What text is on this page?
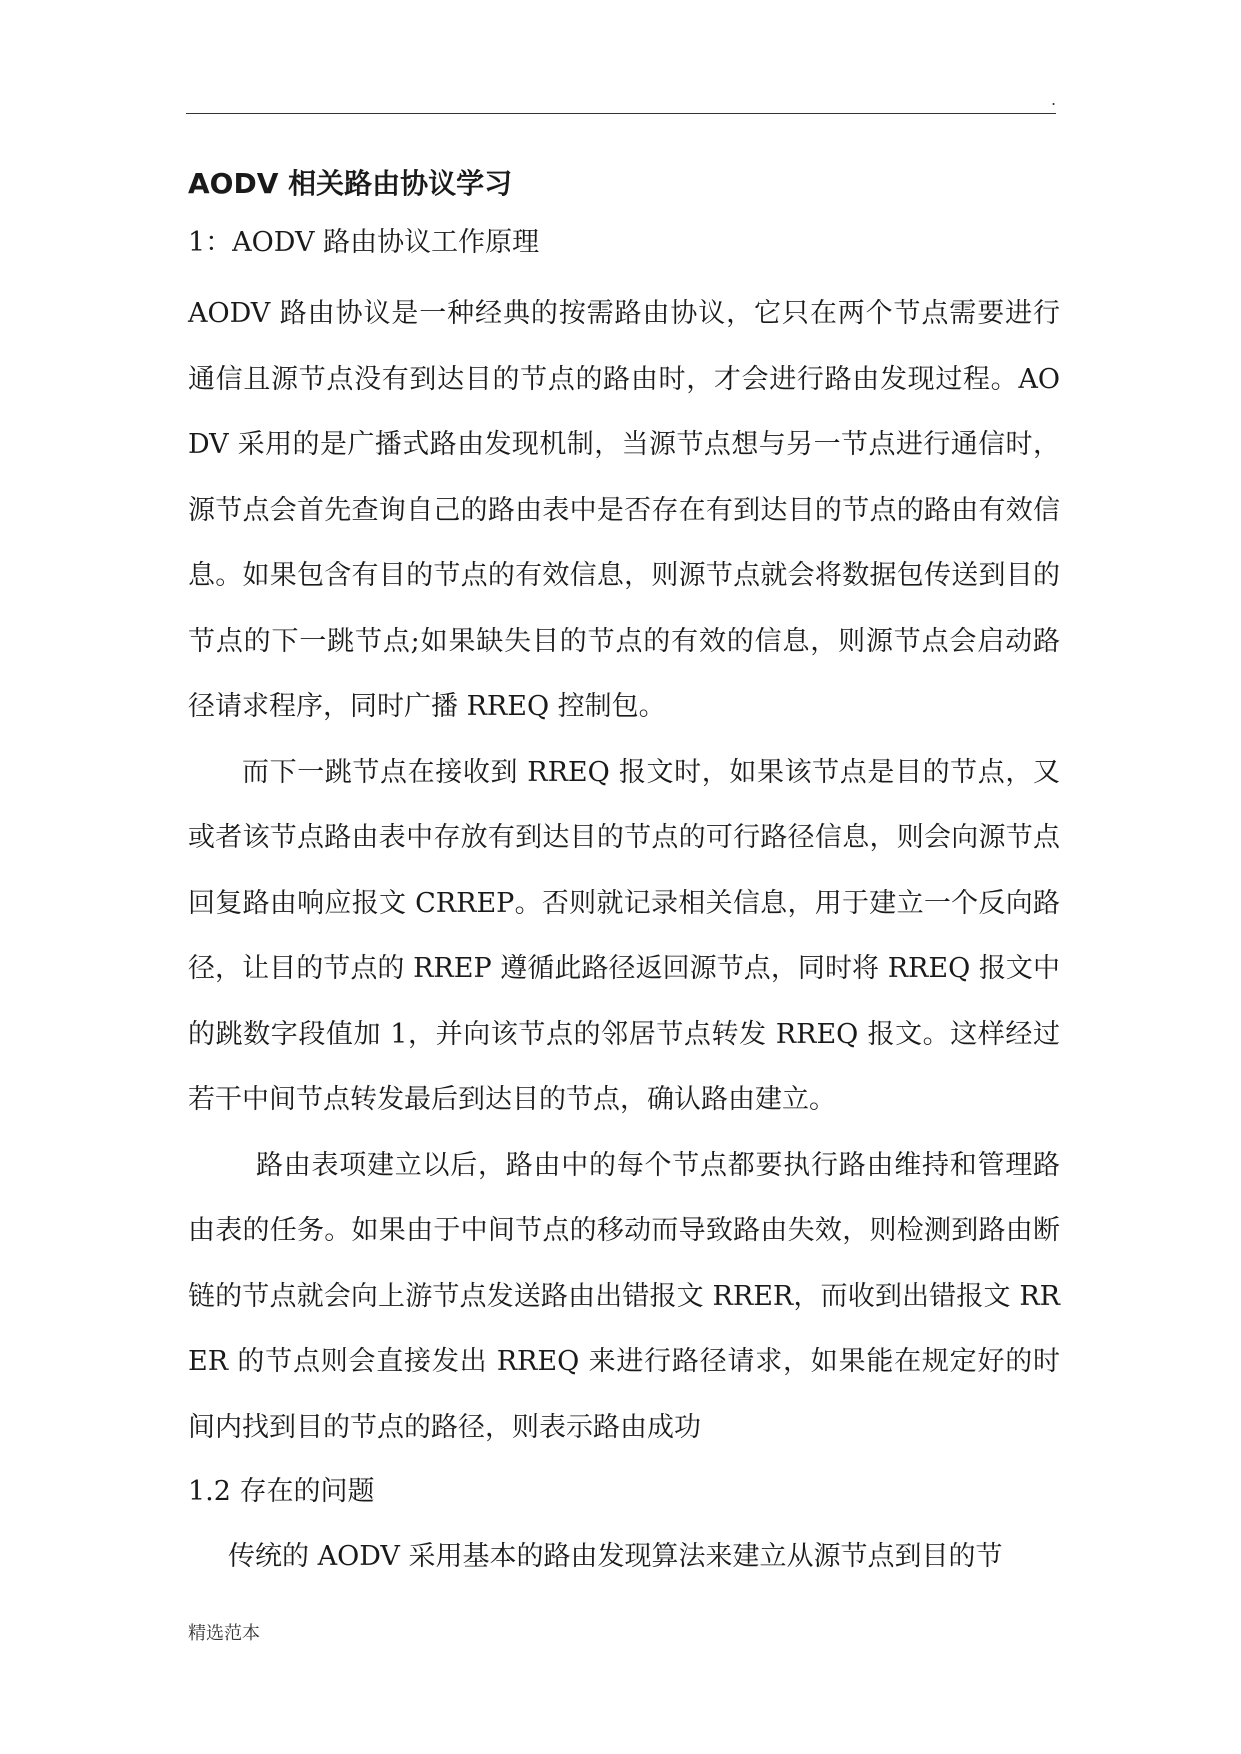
.
AODV 相关路由协议学习

1：AODV 路由协议工作原理

AODV 路由协议是一种经典的按需路由协议，它只在两个节点需要进行通信且源节点没有到达目的节点的路由时，才会进行路由发现过程。AODV 采用的是广播式路由发现机制，当源节点想与另一节点进行通信时，源节点会首先查询自己的路由表中是否存在有到达目的节点的路由有效信息。如果包含有目的节点的有效信息，则源节点就会将数据包传送到目的节点的下一跳节点;如果缺失目的节点的有效的信息，则源节点会启动路径请求程序，同时广播 RREQ 控制包。

而下一跳节点在接收到 RREQ 报文时，如果该节点是目的节点，又或者该节点路由表中存放有到达目的节点的可行路径信息，则会向源节点回复路由响应报文 CRREP。否则就记录相关信息，用于建立一个反向路径，让目的节点的 RREP 遵循此路径返回源节点，同时将 RREQ 报文中的跳数字段值加 1，并向该节点的邻居节点转发 RREQ 报文。这样经过若干中间节点转发最后到达目的节点，确认路由建立。

路由表项建立以后，路由中的每个节点都要执行路由维持和管理路由表的任务。如果由于中间节点的移动而导致路由失效，则检测到路由断链的节点就会向上游节点发送路由出错报文 RRER，而收到出错报文 RRER 的节点则会直接发出 RREQ 来进行路径请求，如果能在规定好的时间内找到目的节点的路径，则表示路由成功

1.2 存在的问题

传统的 AODV 采用基本的路由发现算法来建立从源节点到目的节

精选范本
